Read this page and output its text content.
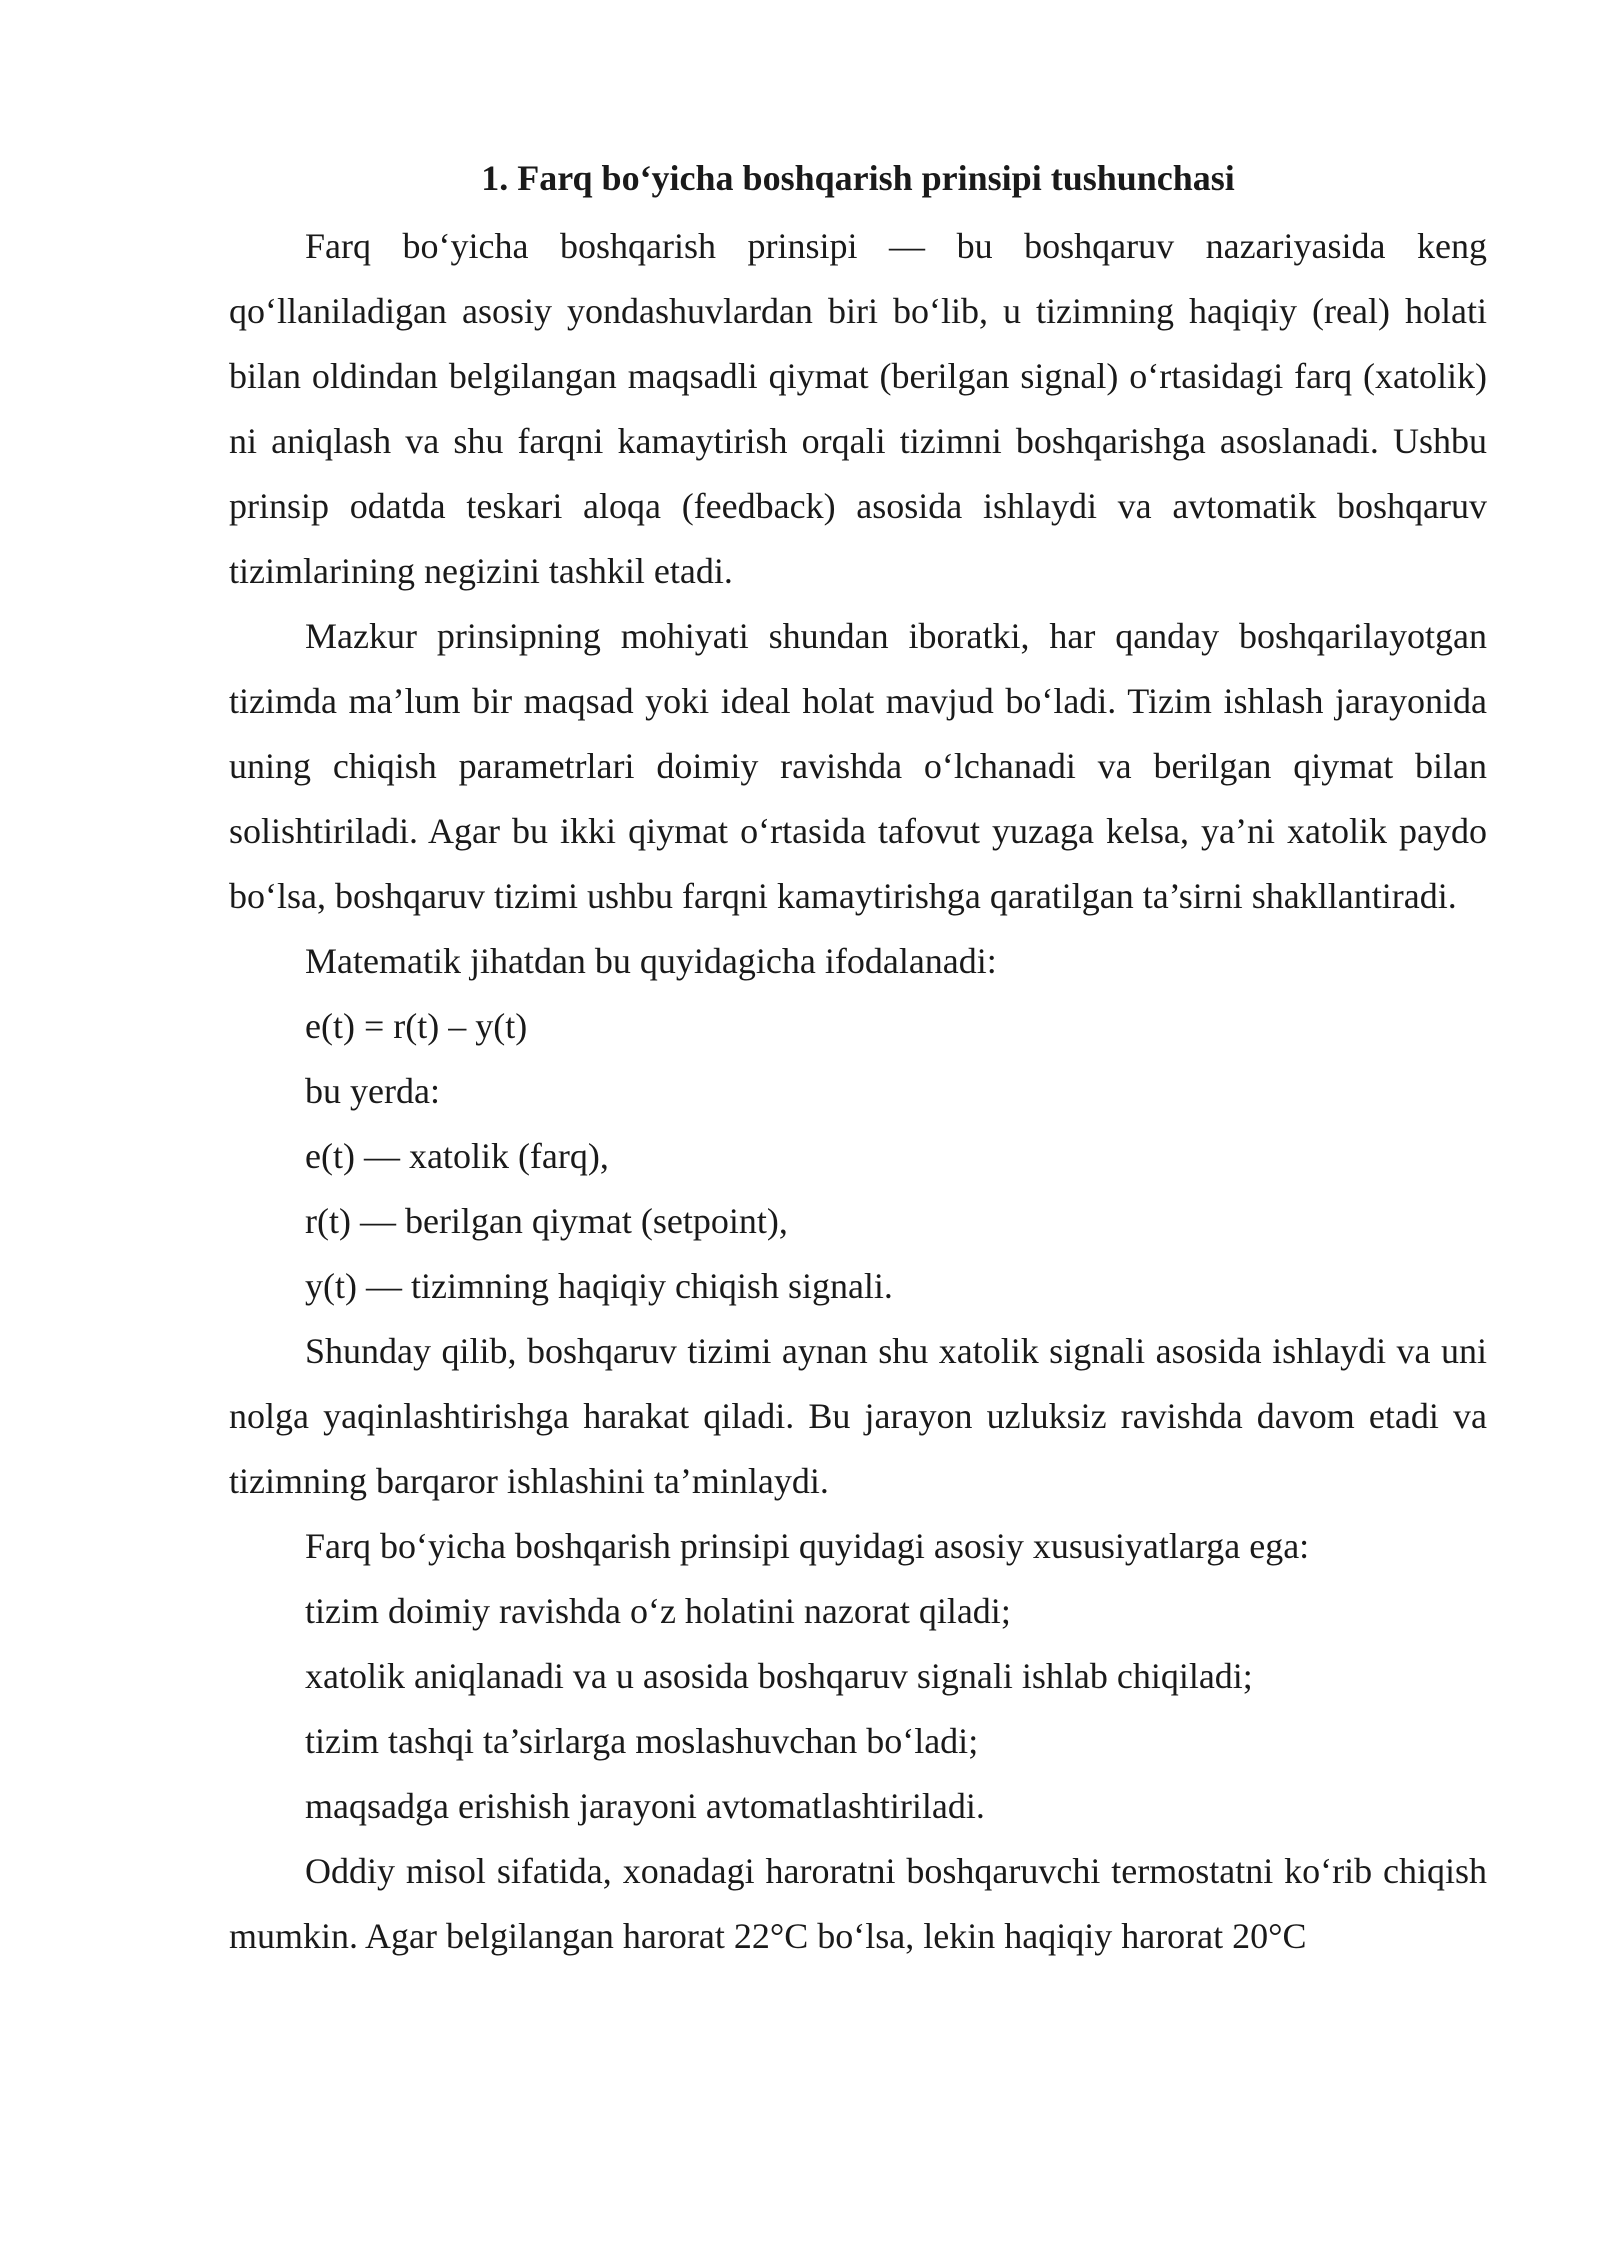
1. Farq bo‘yicha boshqarish prinsipi tushunchasi

Farq bo‘yicha boshqarish prinsipi — bu boshqaruv nazariyasida keng qo‘llaniladigan asosiy yondashuvlardan biri bo‘lib, u tizimning haqiqiy (real) holati bilan oldindan belgilangan maqsadli qiymat (berilgan signal) o‘rtasidagi farq (xatolik) ni aniqlash va shu farqni kamaytirish orqali tizimni boshqarishga asoslanadi. Ushbu prinsip odatda teskari aloqa (feedback) asosida ishlaydi va avtomatik boshqaruv tizimlarining negizini tashkil etadi.

Mazkur prinsipning mohiyati shundan iboratki, har qanday boshqarilayotgan tizimda ma’lum bir maqsad yoki ideal holat mavjud bo‘ladi. Tizim ishlash jarayonida uning chiqish parametrlari doimiy ravishda o‘lchanadi va berilgan qiymat bilan solishtiriladi. Agar bu ikki qiymat o‘rtasida tafovut yuzaga kelsa, ya’ni xatolik paydo bo‘lsa, boshqaruv tizimi ushbu farqni kamaytirishga qaratilgan ta’sirni shakllantiradi.

Matematik jihatdan bu quyidagicha ifodalanadi:
e(t) = r(t) – y(t)
bu yerda:
e(t) — xatolik (farq),
r(t) — berilgan qiymat (setpoint),
y(t) — tizimning haqiqiy chiqish signali.

Shunday qilib, boshqaruv tizimi aynan shu xatolik signali asosida ishlaydi va uni nolga yaqinlashtirishga harakat qiladi. Bu jarayon uzluksiz ravishda davom etadi va tizimning barqaror ishlashini ta’minlaydi.

Farq bo‘yicha boshqarish prinsipi quyidagi asosiy xususiyatlarga ega:
tizim doimiy ravishda o‘z holatini nazorat qiladi;
xatolik aniqlanadi va u asosida boshqaruv signali ishlab chiqiladi;
tizim tashqi ta’sirlarga moslashuvchan bo‘ladi;
maqsadga erishish jarayoni avtomatlashtiriladi.

Oddiy misol sifatida, xonadagi haroratni boshqaruvchi termostatni ko‘rib chiqish mumkin. Agar belgilangan harorat 22°C bo‘lsa, lekin haqiqiy harorat 20°C
